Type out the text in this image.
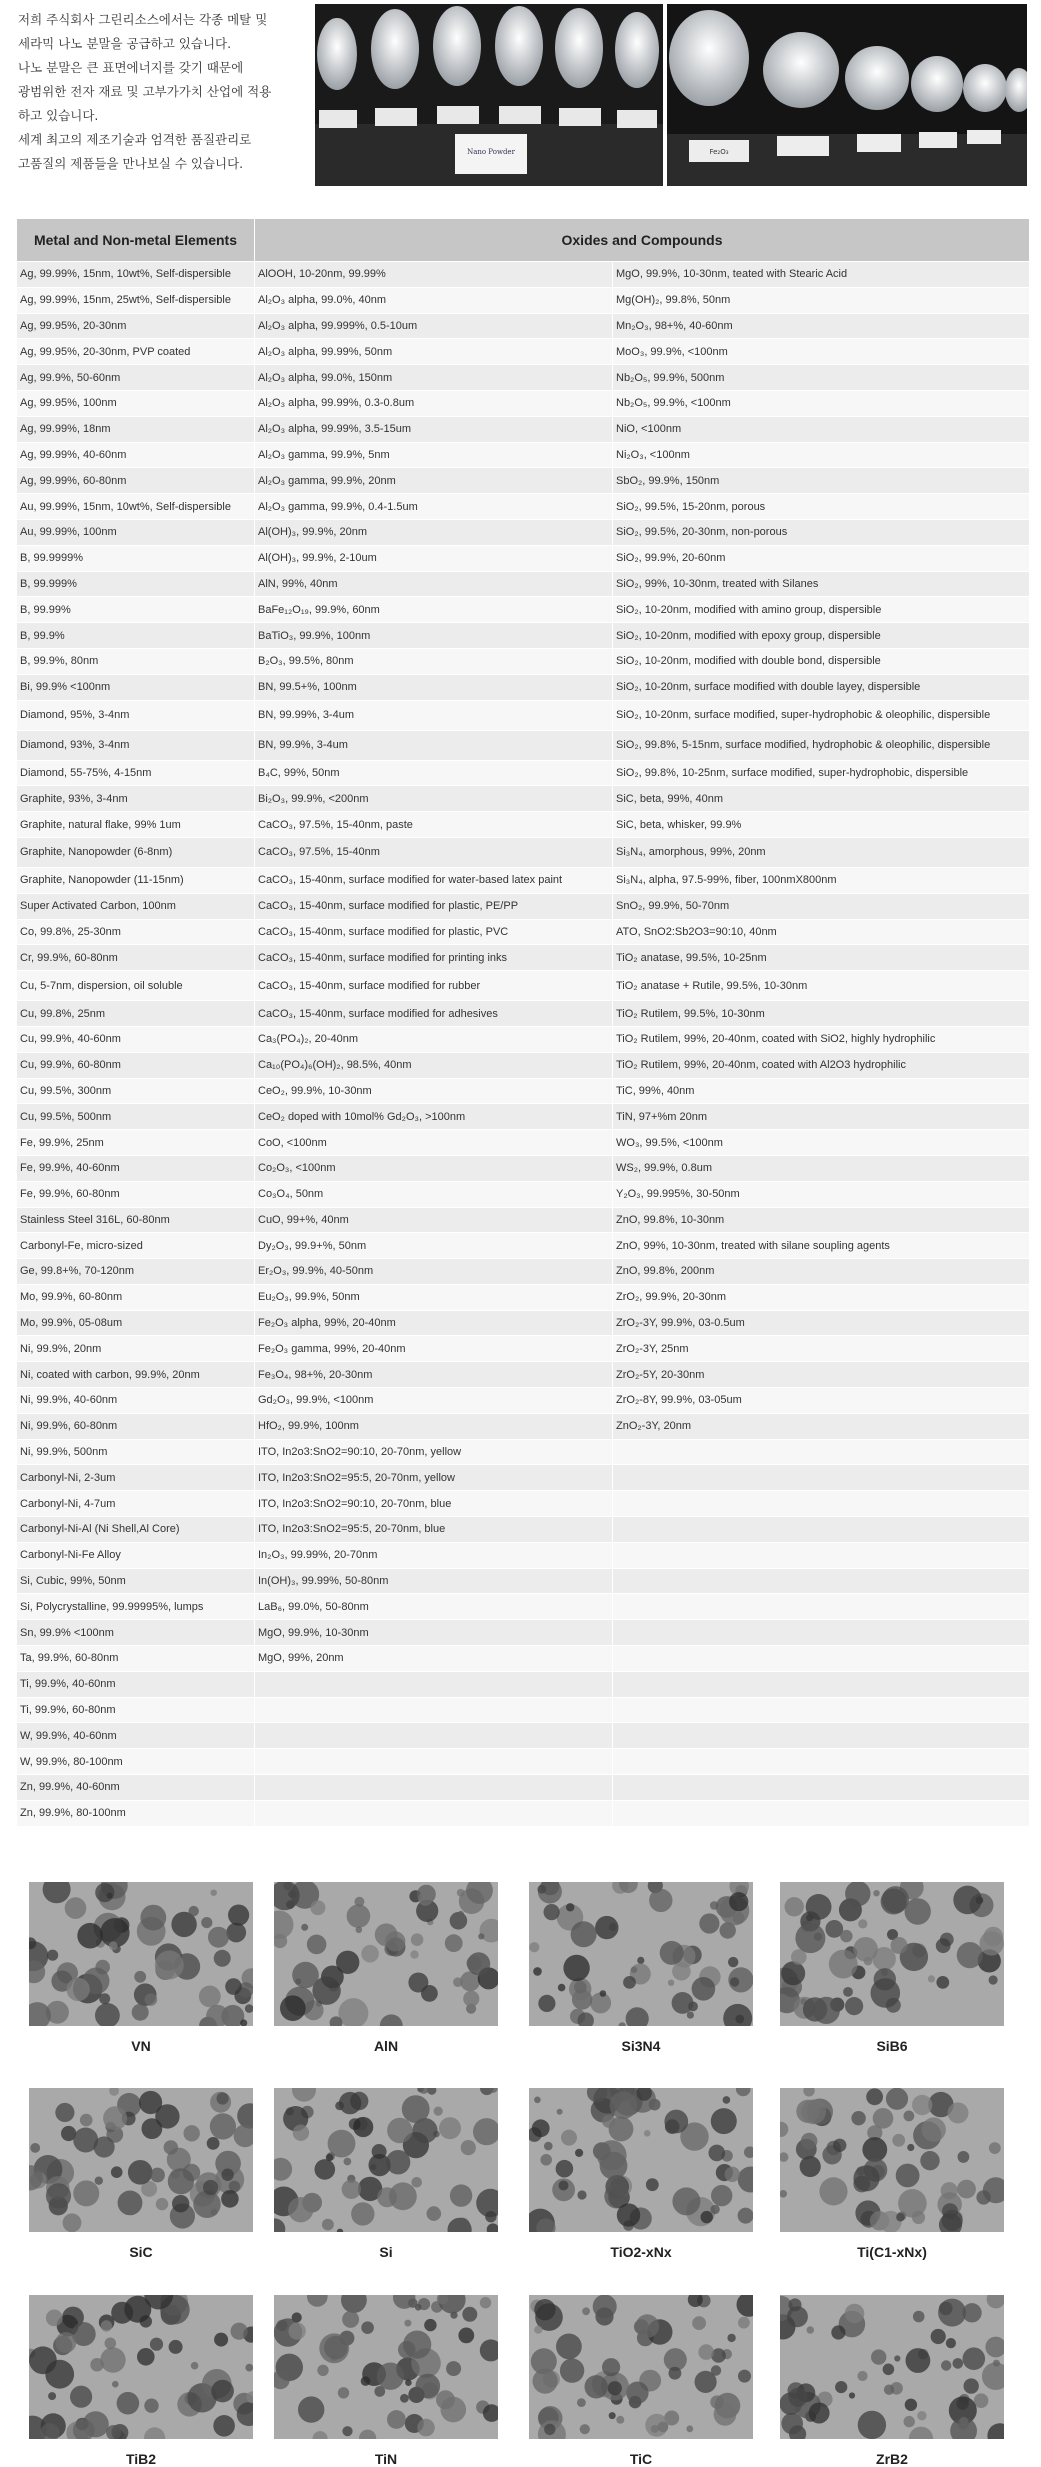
저희 주식회사 그린리소스에서는 각종 메탈 및

세라믹 나노 분말을 공급하고 있습니다.

나노 분말은 큰 표면에너지를 갖기 때문에

광범위한 전자 재료 및 고부가가치 산업에 적용

하고 있습니다.

세계 최고의 제조기술과 엄격한 품질관리로

고품질의 제품들을 만나보실 수 있습니다.

Nano Powder	Fe₂O₃
Metal and Non-metal Elements	Oxides and Compounds	
Ag, 99.99%, 15nm, 10wt%, Self-dispersible	AlOOH, 10-20nm, 99.99%	MgO, 99.9%, 10-30nm, teated with Stearic Acid
Ag, 99.99%, 15nm, 25wt%, Self-dispersible	Al₂O₃ alpha, 99.0%, 40nm	Mg(OH)₂, 99.8%, 50nm
Ag, 99.95%, 20-30nm	Al₂O₃ alpha, 99.999%, 0.5-10um	Mn₂O₃, 98+%, 40-60nm
Ag, 99.95%, 20-30nm, PVP coated	Al₂O₃ alpha, 99.99%, 50nm	MoO₃, 99.9%, <100nm
Ag, 99.9%, 50-60nm	Al₂O₃ alpha, 99.0%, 150nm	Nb₂O₅, 99.9%, 500nm
Ag, 99.95%, 100nm	Al₂O₃ alpha, 99.99%, 0.3-0.8um	Nb₂O₅, 99.9%, <100nm
Ag, 99.99%, 18nm	Al₂O₃ alpha, 99.99%, 3.5-15um	NiO, <100nm
Ag, 99.99%, 40-60nm	Al₂O₃ gamma, 99.9%, 5nm	Ni₂O₃, <100nm
Ag, 99.99%, 60-80nm	Al₂O₃ gamma, 99.9%, 20nm	SbO₂, 99.9%, 150nm
Au, 99.99%, 15nm, 10wt%, Self-dispersible	Al₂O₃ gamma, 99.9%, 0.4-1.5um	SiO₂, 99.5%, 15-20nm, porous
Au, 99.99%, 100nm	Al(OH)₃, 99.9%, 20nm	SiO₂, 99.5%, 20-30nm, non-porous
B, 99.9999%	Al(OH)₃, 99.9%, 2-10um	SiO₂, 99.9%, 20-60nm
B, 99.999%	AlN, 99%, 40nm	SiO₂, 99%, 10-30nm, treated with Silanes
B, 99.99%	BaFe₁₂O₁₉, 99.9%, 60nm	SiO₂, 10-20nm, modified with amino group, dispersible
B, 99.9%	BaTiO₃, 99.9%, 100nm	SiO₂, 10-20nm, modified with epoxy group, dispersible
B, 99.9%, 80nm	B₂O₃, 99.5%, 80nm	SiO₂, 10-20nm, modified with double bond, dispersible
Bi, 99.9% <100nm	BN, 99.5+%, 100nm	SiO₂, 10-20nm, surface modified with double layey, dispersible
Diamond, 95%, 3-4nm	BN, 99.99%, 3-4um	SiO₂, 10-20nm, surface modified, super-hydrophobic & oleophilic, dispersible
Diamond, 93%, 3-4nm	BN, 99.9%, 3-4um	SiO₂, 99.8%, 5-15nm, surface modified, hydrophobic & oleophilic, dispersible
Diamond, 55-75%, 4-15nm	B₄C, 99%, 50nm	SiO₂, 99.8%, 10-25nm, surface modified, super-hydrophobic, dispersible
Graphite, 93%, 3-4nm	Bi₂O₃, 99.9%, <200nm	SiC, beta, 99%, 40nm
Graphite, natural flake, 99% 1um	CaCO₃, 97.5%, 15-40nm, paste	SiC, beta, whisker, 99.9%
Graphite, Nanopowder (6-8nm)	CaCO₃, 97.5%, 15-40nm	Si₃N₄, amorphous, 99%, 20nm
Graphite, Nanopowder (11-15nm)	CaCO₃, 15-40nm, surface modified for water-based latex paint	Si₃N₄, alpha, 97.5-99%, fiber, 100nmX800nm
Super Activated Carbon, 100nm	CaCO₃, 15-40nm, surface modified for plastic, PE/PP	SnO₂, 99.9%, 50-70nm
Co, 99.8%, 25-30nm	CaCO₃, 15-40nm, surface modified for plastic, PVC	ATO, SnO2:Sb2O3=90:10, 40nm
Cr, 99.9%, 60-80nm	CaCO₃, 15-40nm, surface modified for printing inks	TiO₂ anatase, 99.5%, 10-25nm
Cu, 5-7nm, dispersion, oil soluble	CaCO₃, 15-40nm, surface modified for rubber	TiO₂ anatase + Rutile, 99.5%, 10-30nm
Cu, 99.8%, 25nm	CaCO₃, 15-40nm, surface modified for adhesives	TiO₂ Rutilem, 99.5%, 10-30nm
Cu, 99.9%, 40-60nm	Ca₃(PO₄)₂, 20-40nm	TiO₂ Rutilem, 99%, 20-40nm, coated with SiO2, highly hydrophilic
Cu, 99.9%, 60-80nm	Ca₁₀(PO₄)₆(OH)₂, 98.5%, 40nm	TiO₂ Rutilem, 99%, 20-40nm, coated with Al2O3 hydrophilic
Cu, 99.5%, 300nm	CeO₂, 99.9%, 10-30nm	TiC, 99%, 40nm
Cu, 99.5%, 500nm	CeO₂ doped with 10mol% Gd₂O₃, >100nm	TiN, 97+%m 20nm
Fe, 99.9%, 25nm	CoO, <100nm	WO₃, 99.5%, <100nm
Fe, 99.9%, 40-60nm	Co₂O₃, <100nm	WS₂, 99.9%, 0.8um
Fe, 99.9%, 60-80nm	Co₃O₄, 50nm	Y₂O₃, 99.995%, 30-50nm
Stainless Steel 316L, 60-80nm	CuO, 99+%, 40nm	ZnO, 99.8%, 10-30nm
Carbonyl-Fe, micro-sized	Dy₂O₃, 99.9+%, 50nm	ZnO, 99%, 10-30nm, treated with silane soupling agents
Ge, 99.8+%, 70-120nm	Er₂O₃, 99.9%, 40-50nm	ZnO, 99.8%, 200nm
Mo, 99.9%, 60-80nm	Eu₂O₃, 99.9%, 50nm	ZrO₂, 99.9%, 20-30nm
Mo, 99.9%, 05-08um	Fe₂O₃ alpha, 99%, 20-40nm	ZrO₂-3Y, 99.9%, 03-0.5um
Ni, 99.9%, 20nm	Fe₂O₃ gamma, 99%, 20-40nm	ZrO₂-3Y, 25nm
Ni, coated with carbon, 99.9%, 20nm	Fe₃O₄, 98+%, 20-30nm	ZrO₂-5Y, 20-30nm
Ni, 99.9%, 40-60nm	Gd₂O₃, 99.9%, <100nm	ZrO₂-8Y, 99.9%, 03-05um
Ni, 99.9%, 60-80nm	HfO₂, 99.9%, 100nm	ZnO₂-3Y, 20nm
Ni, 99.9%, 500nm	ITO, In2o3:SnO2=90:10, 20-70nm, yellow	
Carbonyl-Ni, 2-3um	ITO, In2o3:SnO2=95:5, 20-70nm, yellow	
Carbonyl-Ni, 4-7um	ITO, In2o3:SnO2=90:10, 20-70nm, blue	
Carbonyl-Ni-Al (Ni Shell,Al Core)	ITO, In2o3:SnO2=95:5, 20-70nm, blue	
Carbonyl-Ni-Fe Alloy	In₂O₃, 99.99%, 20-70nm	
Si, Cubic, 99%, 50nm	In(OH)₃, 99.99%, 50-80nm	
Si, Polycrystalline, 99.99995%, lumps	LaB₆, 99.0%, 50-80nm	
Sn, 99.9% <100nm	MgO, 99.9%, 10-30nm	
Ta, 99.9%, 60-80nm	MgO, 99%, 20nm	
Ti, 99.9%, 40-60nm		
Ti, 99.9%, 60-80nm		
W, 99.9%, 40-60nm		
W, 99.9%, 80-100nm		
Zn, 99.9%, 40-60nm		
Zn, 99.9%, 80-100nm		
VN	AlN	Si3N4	SiB6
SiC	Si	TiO2-xNx	Ti(C1-xNx)
TiB2	TiN	TiC	ZrB2
